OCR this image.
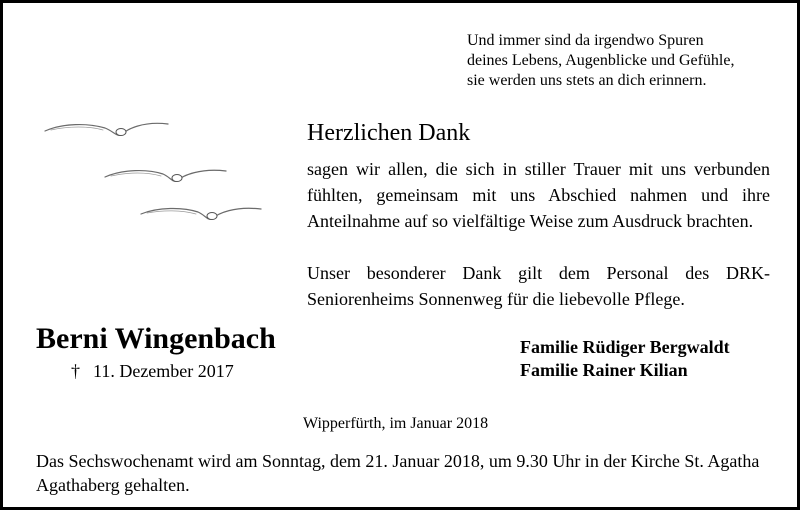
Und immer sind da irgendwo Spuren
deines Lebens, Augenblicke und Gefühle,
sie werden uns stets an dich erinnern.
Herzlichen Dank
sagen wir allen, die sich in stiller Trauer mit uns verbunden fühlten, gemeinsam mit uns Abschied nahmen und ihre Anteilnahme auf so vielfältige Weise zum Ausdruck brachten.
Unser besonderer Dank gilt dem Personal des DRK-Seniorenheims Sonnenweg für die liebevolle Pflege.
Berni Wingenbach
† 11. Dezember 2017
Familie Rüdiger Bergwaldt
Familie Rainer Kilian
Wipperfürth, im Januar 2018
Das Sechswochenamt wird am Sonntag, dem 21. Januar 2018, um 9.30 Uhr in der Kirche St. Agatha Agathaberg gehalten.
